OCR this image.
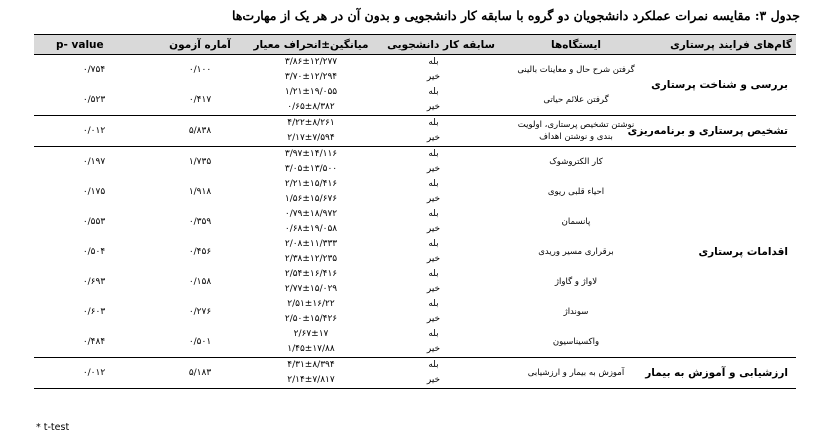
جدول ۳: مقایسه نمرات عملکرد دانشجویان دو گروه با سابقه کار دانشجویی و بدون آن در هر یک از مهارت‌ها
گام‌های فرایند پرستاری	ایستگاه‌ها	سابقه کار دانشجویی	میانگین±انحراف معیار	آماره آزمون	p- value
بررسی و شناخت پرستاری	گرفتن شرح حال و معاینات بالینی	بله	۳/۸۶±۱۲/۲۷۷	۰/۱۰۰	۰/۷۵۴
		خیر	۳/۷۰±۱۲/۲۹۴		
	گرفتن علائم حیاتی	بله	۱/۲۱±۱۹/۰۵۵	۰/۴۱۷	۰/۵۲۳
		خیر	۰/۶۵±۸/۳۸۲		
تشخیص پرستاری و برنامه‌ریزی	نوشتن تشخیص پرستاری، اولویت بندی و نوشتن اهداف	بله	۴/۲۲±۸/۲۶۱	۵/۸۳۸	۰/۰۱۲
		خیر	۲/۱۷±۷/۵۹۴		
اقدامات پرستاری	کار الکتروشوک	بله	۳/۹۷±۱۴/۱۱۶	۱/۷۳۵	۰/۱۹۷
		خیر	۳/۰۵±۱۳/۵۰۰		
	احیاء قلبی ریوی	بله	۲/۲۱±۱۵/۴۱۶	۱/۹۱۸	۰/۱۷۵
		خیر	۱/۵۶±۱۵/۶۷۶		
	پانسمان	بله	۰/۷۹±۱۸/۹۷۲	۰/۳۵۹	۰/۵۵۳
		خیر	۰/۶۸±۱۹/۰۵۸		
	برقراری مسیر وریدی	بله	۲/۰۸±۱۱/۳۳۳	۰/۴۵۶	۰/۵۰۴
		خیر	۲/۳۸±۱۲/۲۳۵		
	لاواژ و گاواژ	بله	۲/۵۴±۱۶/۴۱۶	۰/۱۵۸	۰/۶۹۳
		خیر	۲/۷۷±۱۵/۰۲۹		
	سونداژ	بله	۲/۵۱±۱۶/۲۲	۰/۲۷۶	۰/۶۰۳
		خیر	۲/۵۰±۱۵/۴۲۶		
	واکسیناسیون	بله	۲/۶۷±۱۷	۰/۵۰۱	۰/۴۸۴
		خیر	۱/۴۵±۱۷/۸۸		
ارزشیابی و آموزش به بیمار	آموزش به بیمار و ارزشیابی	بله	۴/۳۱±۸/۳۹۴	۵/۱۸۳	۰/۰۱۲
		خیر	۲/۱۴±۷/۸۱۷		
* t-test
